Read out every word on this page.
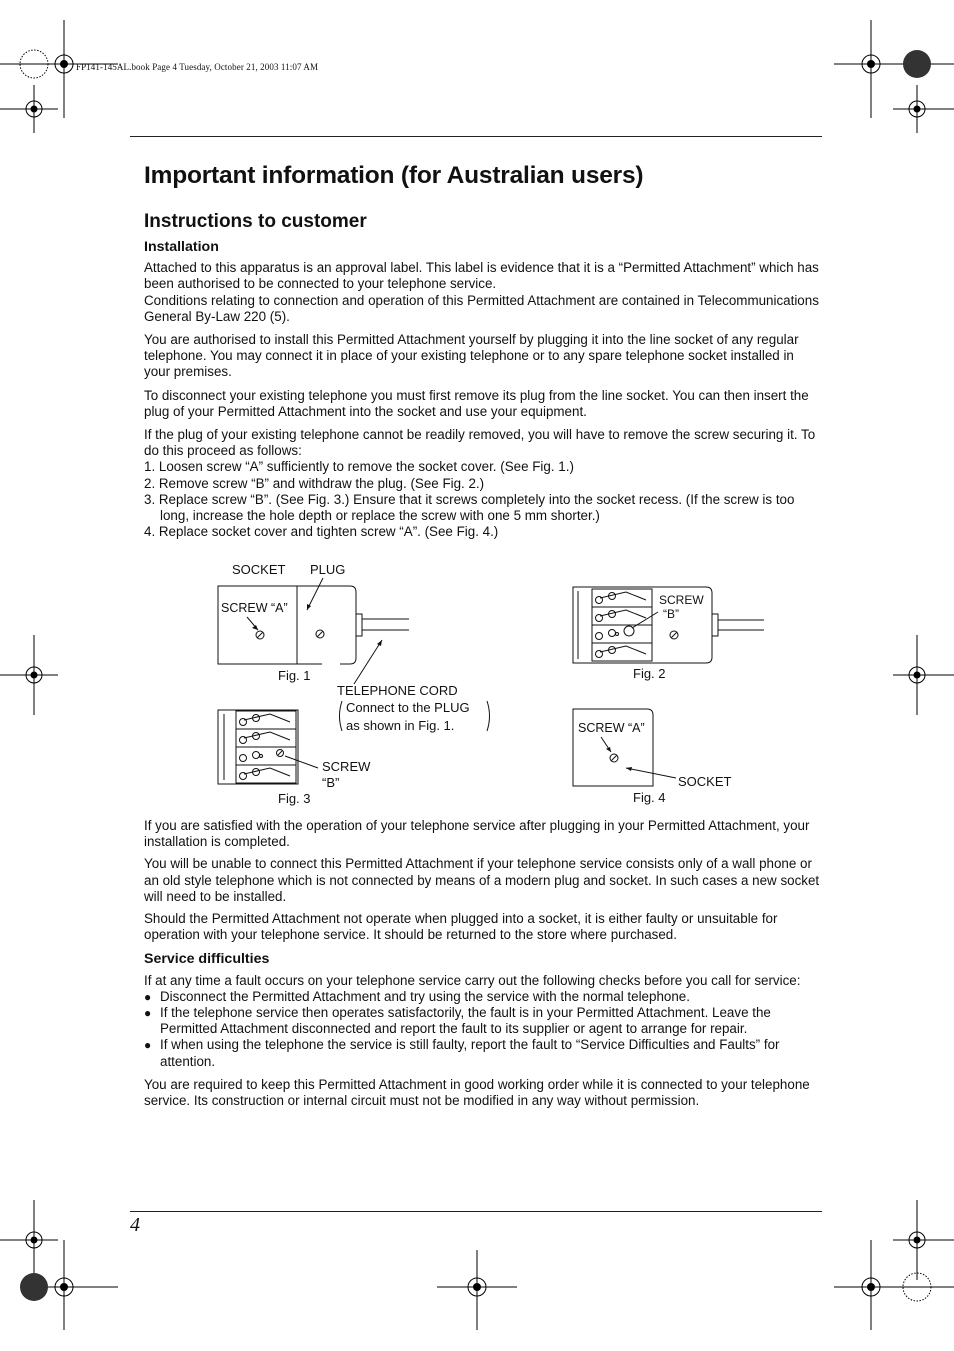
FP141-145AL.book Page 4 Tuesday, October 21, 2003 11:07 AM
Important information (for Australian users)
Instructions to customer

Installation

Attached to this apparatus is an approval label. This label is evidence that it is a “Permitted Attachment” which has been authorised to be connected to your telephone service.

Conditions relating to connection and operation of this Permitted Attachment are contained in Telecommunications General By-Law 220 (5).

You are authorised to install this Permitted Attachment yourself by plugging it into the line socket of any regular telephone. You may connect it in place of your existing telephone or to any spare telephone socket installed in your premises.

To disconnect your existing telephone you must first remove its plug from the line socket. You can then insert the plug of your Permitted Attachment into the socket and use your equipment.

If the plug of your existing telephone cannot be readily removed, you will have to remove the screw securing it. To do this proceed as follows:

1. Loosen screw “A” sufficiently to remove the socket cover. (See Fig. 1.)
2. Remove screw “B” and withdraw the plug. (See Fig. 2.)
3. Replace screw “B”. (See Fig. 3.) Ensure that it screws completely into the socket recess. (If the screw is too long, increase the hole depth or replace the screw with one 5 mm shorter.)
4. Replace socket cover and tighten screw “A”. (See Fig. 4.)
SOCKET PLUG
SCREW “A”
Fig. 1
TELEPHONE CORD
Connect to the PLUG
as shown in Fig. 1.
SCREW
“B”
Fig. 2
SCREW
“B”
Fig. 3
SCREW “A”
SOCKET
Fig. 4

If you are satisfied with the operation of your telephone service after plugging in your Permitted Attachment, your installation is completed.

You will be unable to connect this Permitted Attachment if your telephone service consists only of a wall phone or an old style telephone which is not connected by means of a modern plug and socket. In such cases a new socket will need to be installed.

Should the Permitted Attachment not operate when plugged into a socket, it is either faulty or unsuitable for operation with your telephone service. It should be returned to the store where purchased.

Service difficulties

If at any time a fault occurs on your telephone service carry out the following checks before you call for service:

● Disconnect the Permitted Attachment and try using the service with the normal telephone.
● If the telephone service then operates satisfactorily, the fault is in your Permitted Attachment. Leave the Permitted Attachment disconnected and report the fault to its supplier or agent to arrange for repair.
● If when using the telephone the service is still faulty, report the fault to “Service Difficulties and Faults” for attention.

You are required to keep this Permitted Attachment in good working order while it is connected to your telephone service. Its construction or internal circuit must not be modified in any way without permission.

4
